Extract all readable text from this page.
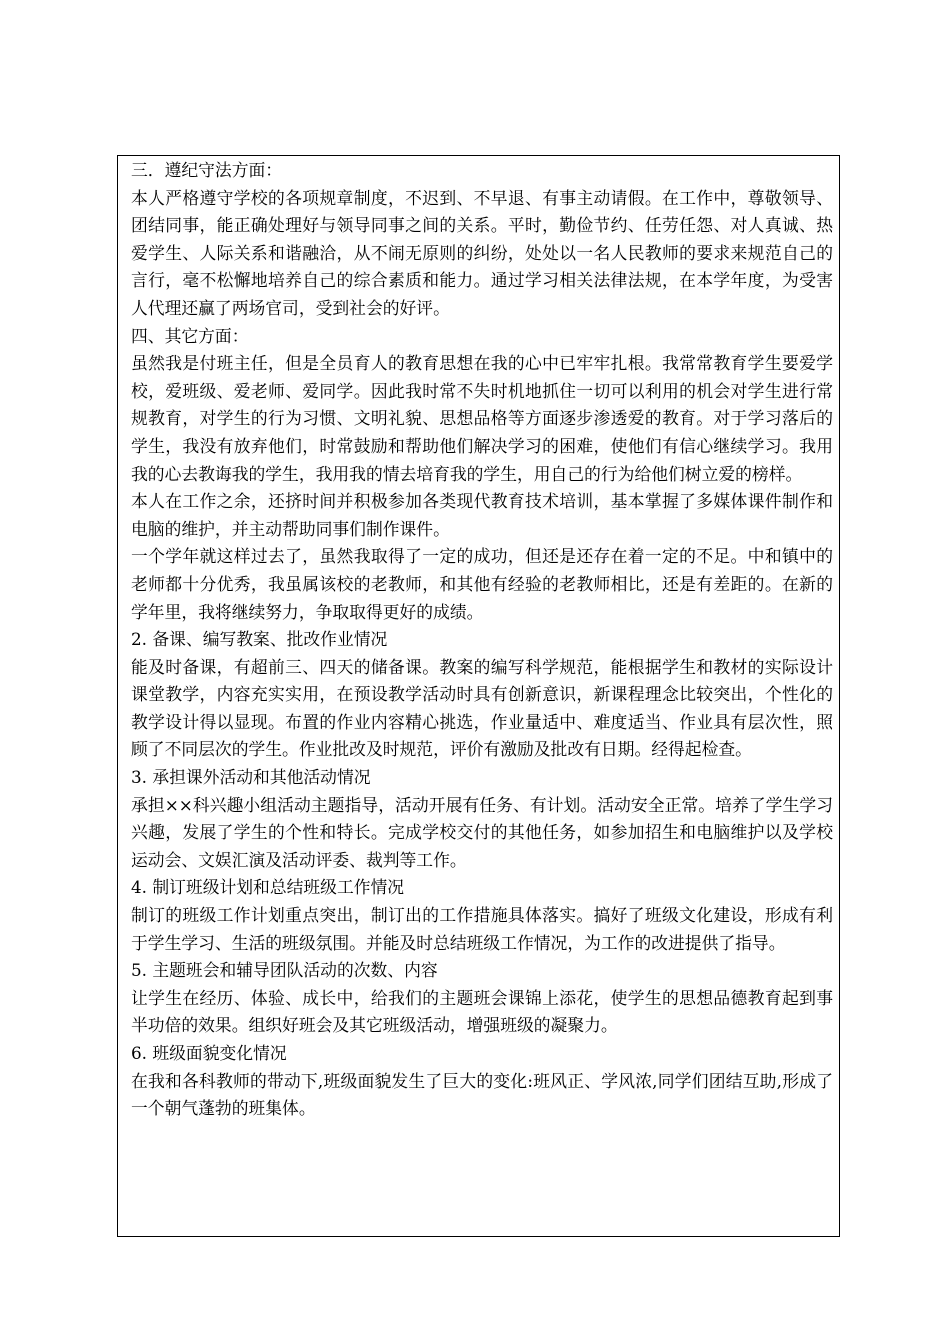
三．遵纪守法方面：

本人严格遵守学校的各项规章制度，不迟到、不早退、有事主动请假。在工作中，尊敬领导、团结同事，能正确处理好与领导同事之间的关系。平时，勤俭节约、任劳任怨、对人真诚、热爱学生、人际关系和谐融洽，从不闹无原则的纠纷，处处以一名人民教师的要求来规范自己的言行，毫不松懈地培养自己的综合素质和能力。通过学习相关法律法规，在本学年度，为受害人代理还赢了两场官司，受到社会的好评。

四、其它方面：

虽然我是付班主任，但是全员育人的教育思想在我的心中已牢牢扎根。我常常教育学生要爱学校，爱班级、爱老师、爱同学。因此我时常不失时机地抓住一切可以利用的机会对学生进行常规教育，对学生的行为习惯、文明礼貌、思想品格等方面逐步渗透爱的教育。对于学习落后的学生，我没有放弃他们，时常鼓励和帮助他们解决学习的困难，使他们有信心继续学习。我用我的心去教诲我的学生，我用我的情去培育我的学生，用自己的行为给他们树立爱的榜样。

本人在工作之余，还挤时间并积极参加各类现代教育技术培训，基本掌握了多媒体课件制作和电脑的维护，并主动帮助同事们制作课件。

一个学年就这样过去了，虽然我取得了一定的成功，但还是还存在着一定的不足。中和镇中的老师都十分优秀，我虽属该校的老教师，和其他有经验的老教师相比，还是有差距的。在新的学年里，我将继续努力，争取取得更好的成绩。

2. 备课、编写教案、批改作业情况

能及时备课，有超前三、四天的储备课。教案的编写科学规范，能根据学生和教材的实际设计课堂教学，内容充实实用，在预设教学活动时具有创新意识，新课程理念比较突出，个性化的教学设计得以显现。布置的作业内容精心挑选，作业量适中、难度适当、作业具有层次性，照顾了不同层次的学生。作业批改及时规范，评价有激励及批改有日期。经得起检查。

3. 承担课外活动和其他活动情况

承担××科兴趣小组活动主题指导，活动开展有任务、有计划。活动安全正常。培养了学生学习兴趣，发展了学生的个性和特长。完成学校交付的其他任务，如参加招生和电脑维护以及学校运动会、文娱汇演及活动评委、裁判等工作。

4. 制订班级计划和总结班级工作情况

制订的班级工作计划重点突出，制订出的工作措施具体落实。搞好了班级文化建设，形成有利于学生学习、生活的班级氛围。并能及时总结班级工作情况，为工作的改进提供了指导。

5. 主题班会和辅导团队活动的次数、内容

让学生在经历、体验、成长中，给我们的主题班会课锦上添花，使学生的思想品德教育起到事半功倍的效果。组织好班会及其它班级活动，增强班级的凝聚力。

6. 班级面貌变化情况

在我和各科教师的带动下,班级面貌发生了巨大的变化:班风正、学风浓,同学们团结互助,形成了一个朝气蓬勃的班集体。
